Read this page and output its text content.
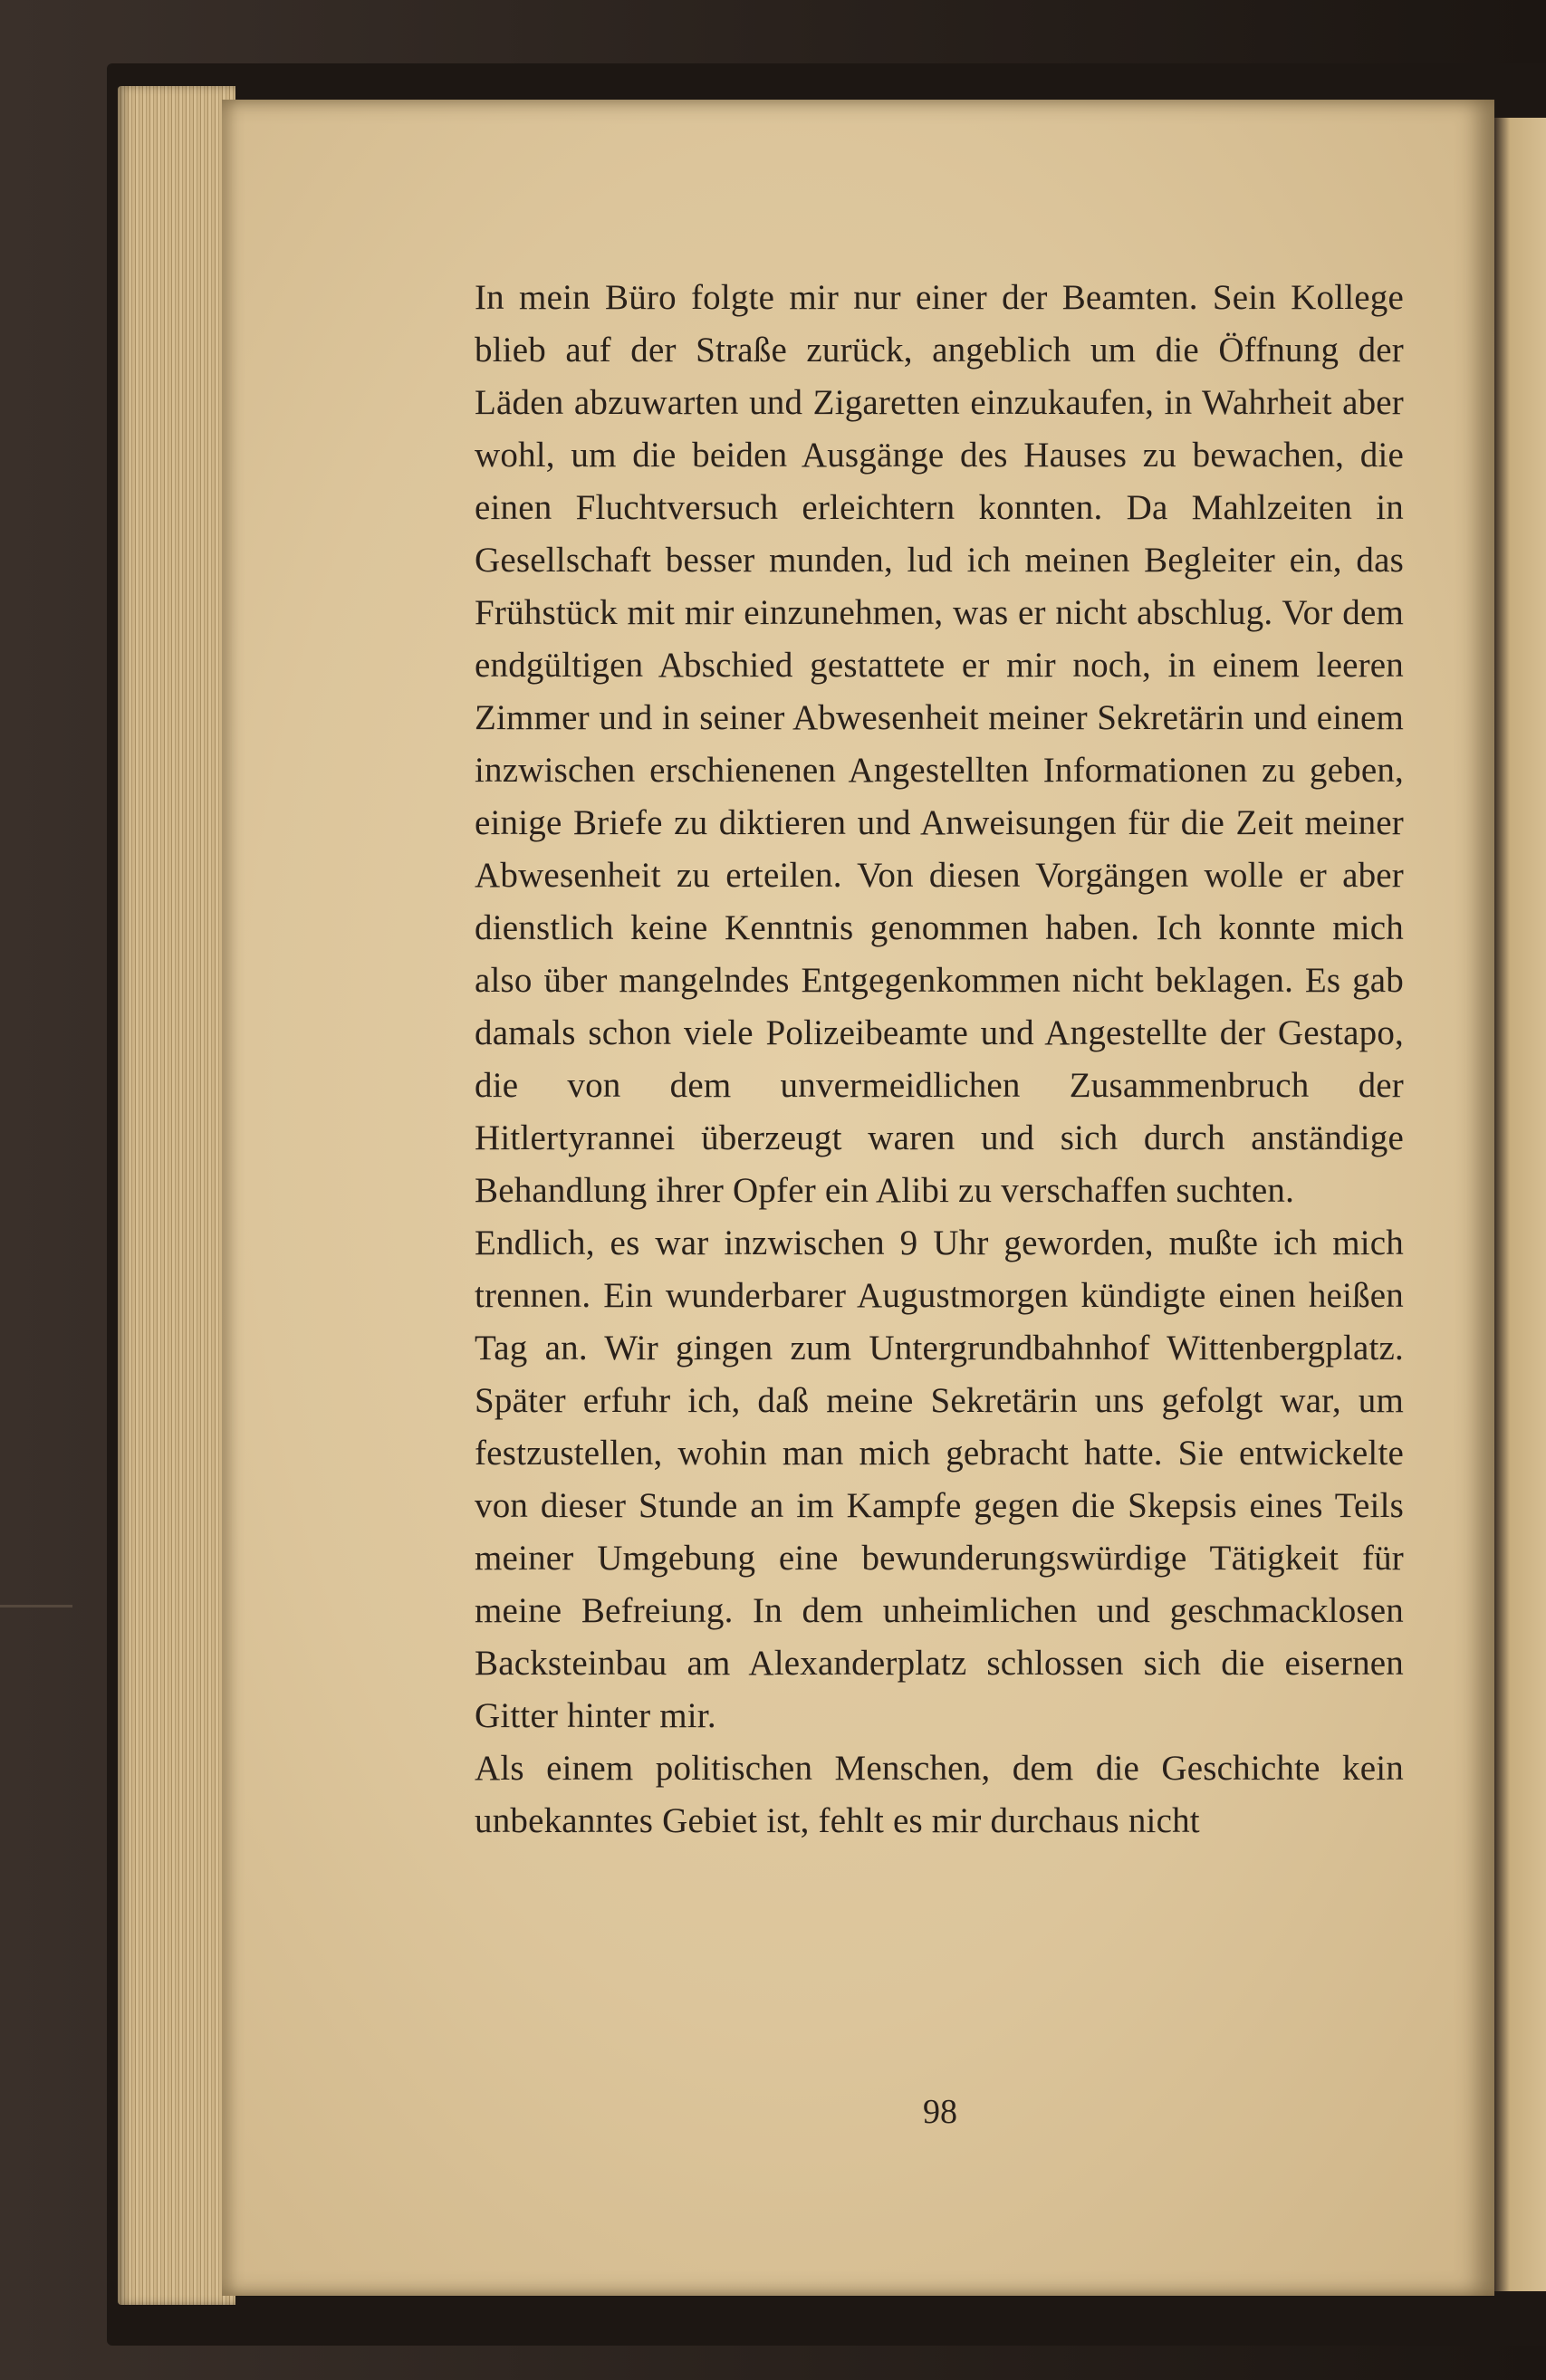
In mein Büro folgte mir nur einer der Beamten. Sein Kollege blieb auf der Straße zurück, angeblich um die Öffnung der Läden abzuwarten und Zigaretten einzukaufen, in Wahrheit aber wohl, um die beiden Ausgänge des Hauses zu bewachen, die einen Fluchtversuch erleichtern konnten. Da Mahlzeiten in Gesellschaft besser munden, lud ich meinen Begleiter ein, das Frühstück mit mir einzunehmen, was er nicht abschlug. Vor dem endgültigen Abschied gestattete er mir noch, in einem leeren Zimmer und in seiner Abwesenheit meiner Sekretärin und einem inzwischen erschienenen Angestellten Informationen zu geben, einige Briefe zu diktieren und Anweisungen für die Zeit meiner Abwesenheit zu erteilen. Von diesen Vorgängen wolle er aber dienstlich keine Kenntnis genommen haben. Ich konnte mich also über mangelndes Entgegenkommen nicht beklagen. Es gab damals schon viele Polizeibeamte und Angestellte der Gestapo, die von dem unvermeidlichen Zusammenbruch der Hitlertyrannei überzeugt waren und sich durch anständige Behandlung ihrer Opfer ein Alibi zu verschaffen suchten.

Endlich, es war inzwischen 9 Uhr geworden, mußte ich mich trennen. Ein wunderbarer Augustmorgen kündigte einen heißen Tag an. Wir gingen zum Untergrundbahnhof Wittenbergplatz. Später erfuhr ich, daß meine Sekretärin uns gefolgt war, um festzustellen, wohin man mich gebracht hatte. Sie entwickelte von dieser Stunde an im Kampfe gegen die Skepsis eines Teils meiner Umgebung eine bewunderungswürdige Tätigkeit für meine Befreiung. In dem unheimlichen und geschmacklosen Backsteinbau am Alexanderplatz schlossen sich die eisernen Gitter hinter mir.

Als einem politischen Menschen, dem die Geschichte kein unbekanntes Gebiet ist, fehlt es mir durchaus nicht

98
